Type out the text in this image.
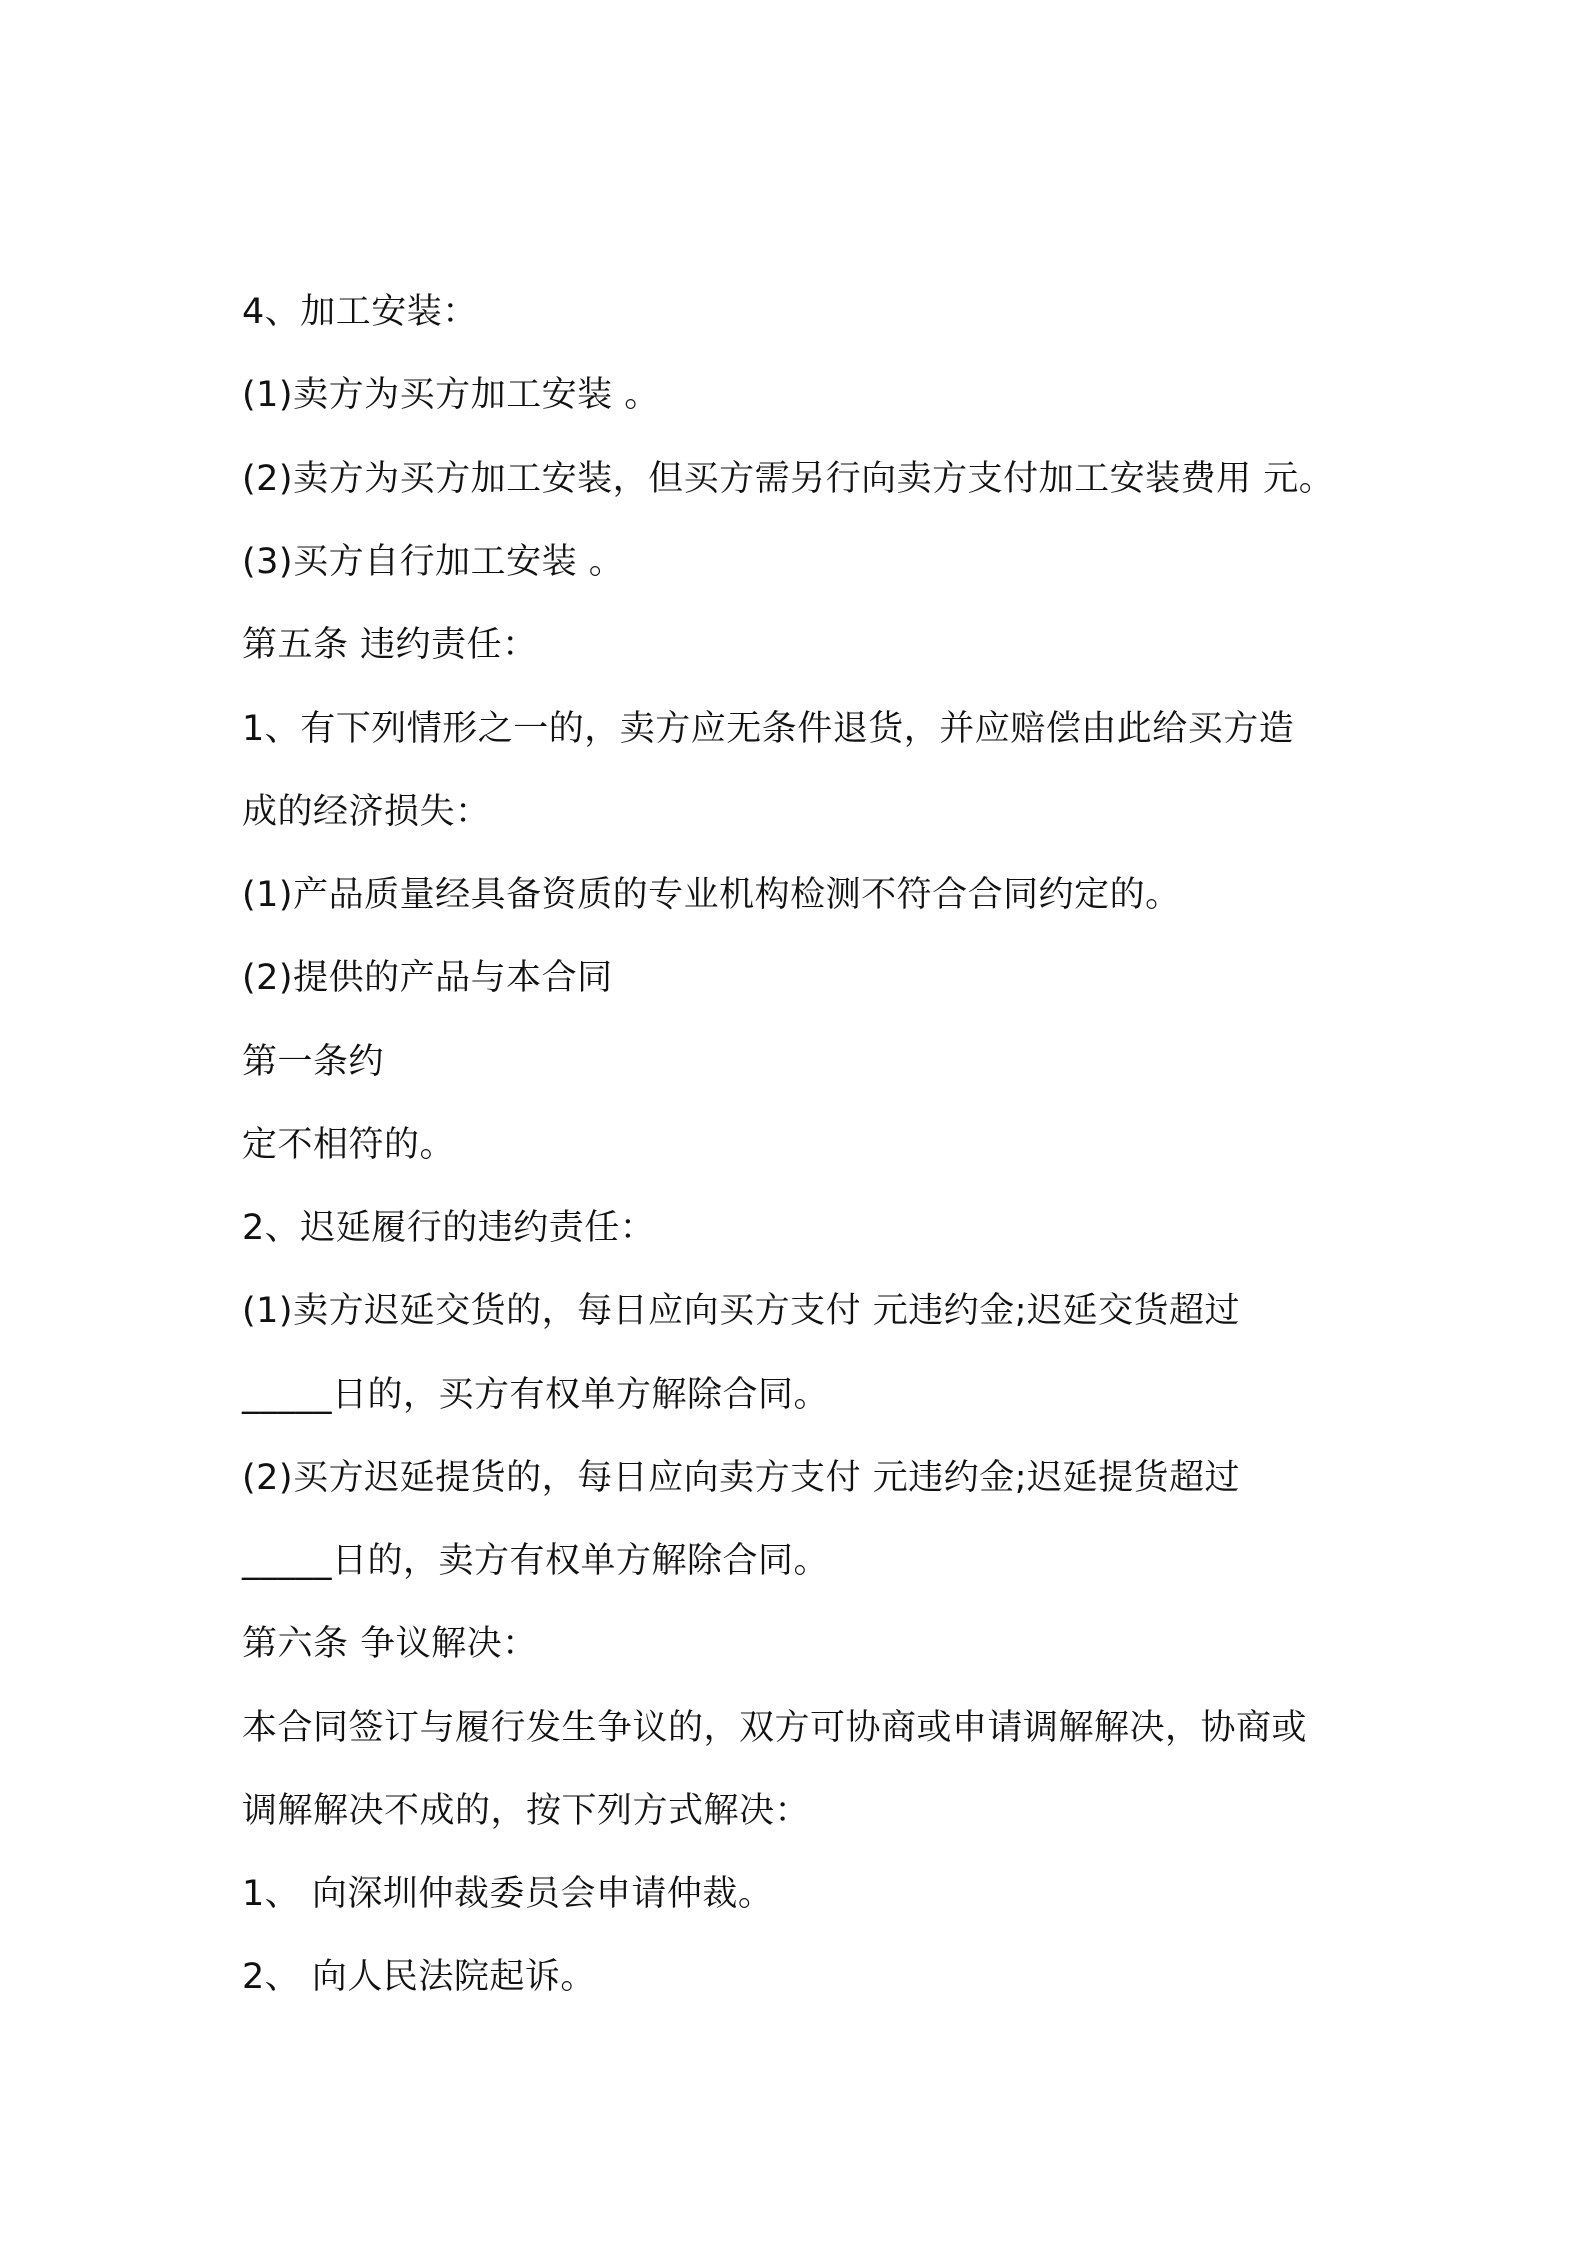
4、加工安装：

(1)卖方为买方加工安装 。

(2)卖方为买方加工安装，但买方需另行向卖方支付加工安装费用 元。

(3)买方自行加工安装 。

第五条 违约责任：

1、有下列情形之一的，卖方应无条件退货，并应赔偿由此给买方造

成的经济损失：

(1)产品质量经具备资质的专业机构检测不符合合同约定的。

(2)提供的产品与本合同

第一条约

定不相符的。

2、迟延履行的违约责任：

(1)卖方迟延交货的，每日应向买方支付 元违约金;迟延交货超过

_____日的，买方有权单方解除合同。

(2)买方迟延提货的，每日应向卖方支付 元违约金;迟延提货超过

_____日的，卖方有权单方解除合同。

第六条 争议解决：

本合同签订与履行发生争议的，双方可协商或申请调解解决，协商或

调解解决不成的，按下列方式解决：

1、 向深圳仲裁委员会申请仲裁。

2、 向人民法院起诉。
